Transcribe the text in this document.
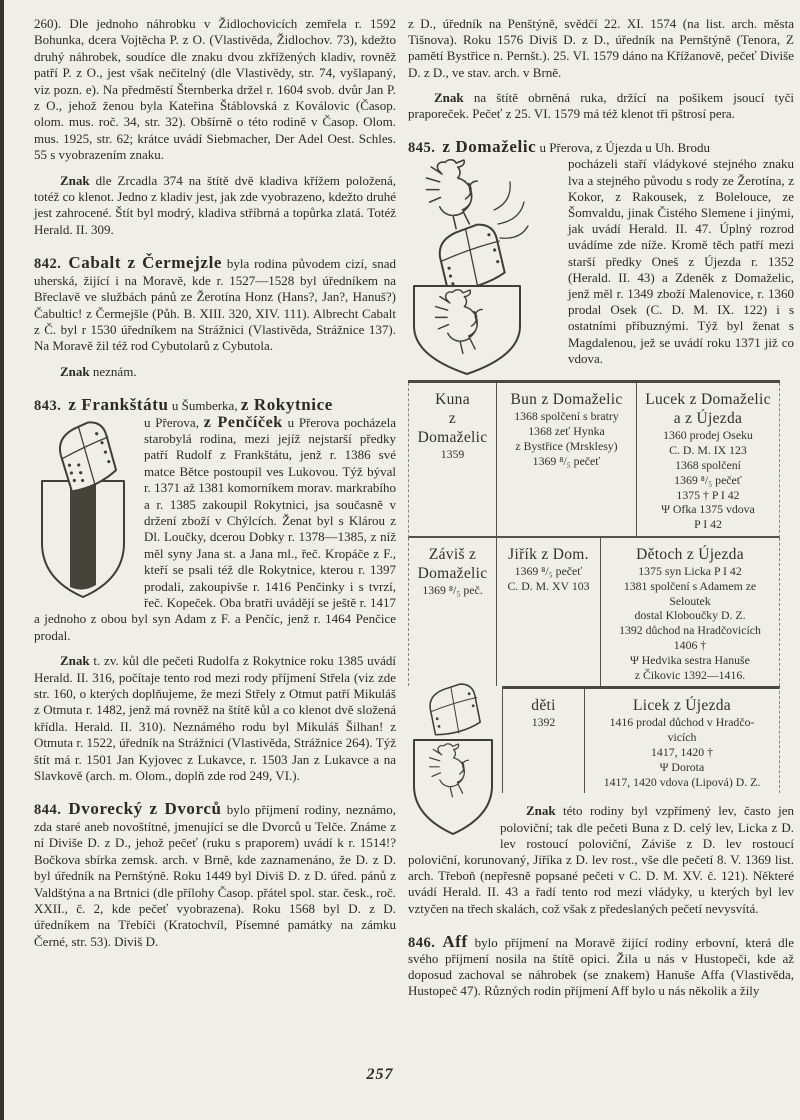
260). Dle jednoho náhrobku v Židlochovicích zemřela r. 1592 Bohunka, dcera Vojtěcha P. z O. (Vlastivěda, Židlochov. 73), kdežto druhý náhrobek, soudíce dle znaku dvou zkřížených kladiv, rovněž patří P. z O., jest však nečitelný (dle Vlastivědy, str. 74, vyšlapaný, viz pozn. e). Na předměstí Šternberka držel r. 1604 svob. dvůr Jan P. z O., jehož ženou byla Kateřina Štáblovská z Koválovic (Časop. olom. mus. roč. 34, str. 32). Obšírně o této rodině v Časop. Olom. mus. 1925, str. 62; krátce uvádí Siebmacher, Der Adel Oest. Schles. 55 s vyobrazením znaku.

Znak dle Zrcadla 374 na štítě dvě kladiva křížem položená, totéž co klenot. Jedno z kladiv jest, jak zde vyobrazeno, kdežto druhé jest zahrocené. Štít byl modrý, kladiva stříbrná a topůrka zlatá. Totéž Herald. II. 309.

842. Cabalt z Čermejzle byla rodina původem cizí, snad uherská, žijící i na Moravě, kde r. 1527—1528 byl úředníkem na Břeclavě ve službách pánů ze Žerotína Honz (Hans?, Jan?, Hanuš?) Čabultic! z Čermejšle (Půh. B. XIII. 320, XIV. 111). Albrecht Cabalt z Č. byl r 1530 úředníkem na Strážnici (Vlastivěda, Strážnice 137). Na Moravě žil též rod Cybutolarů z Cybutola.

Znak neznám.

843. z Frankštátu u Šumberka, z Rokytnice

u Přerova, z Penčíček u Přerova pocházela starobylá rodina, mezi jejíž nejstarší předky patří Rudolf z Frankštátu, jenž r. 1386 své matce Bětce postoupil ves Lukovou. Týž býval r. 1371 až 1381 komorníkem morav. markrabího a r. 1385 zakoupil Rokytnici, jsa současně v držení zboží v Chýlcích. Ženat byl s Klárou z Dl. Loučky, dcerou Dobky r. 1378—1385, z níž měl syny Jana st. a Jana ml., řeč. Kropáče z F., kteří se psali též dle Rokytnice, kterou r. 1397 prodali, zakoupivše r. 1416 Penčinky i s tvrzí, řeč. Kopeček. Oba bratři uvádějí se ještě r. 1417 a jednoho z obou byl syn Adam z F. a Penčíc, jenž r. 1464 Penčice prodal.

Znak t. zv. kůl dle pečeti Rudolfa z Rokytnice roku 1385 uvádí Herald. II. 316, počítaje tento rod mezi rody příjmení Střela (viz zde str. 160, o kterých doplňujeme, že mezi Střely z Otmut patří Mikuláš z Otmuta r. 1482, jenž má rovněž na štítě kůl a co klenot dvě složená křídla. Herald. II. 310). Neznámého rodu byl Mikuláš Šilhan! z Otmuta r. 1522, úředník na Strážnici (Vlastivěda, Strážnice 264). Týž štít má r. 1501 Jan Kyjovec z Lukavce, r. 1503 Jan z Lukavce a na Slavkově (arch. m. Olom., doplň zde rod 249, VI.).

844. Dvorecký z Dvorců bylo příjmení rodiny, neznámo, zda staré aneb novoštítné, jmenující se dle Dvorců u Telče. Známe z ní Diviše D. z D., jehož pečeť (ruku s praporem) uvádí k r. 1514!? Bočkova sbírka zemsk. arch. v Brně, kde zaznamenáno, že D. z D. byl úředník na Pernštýně. Roku 1449 byl Diviš D. z D. úřed. pánů z Valdštýna a na Brtnici (dle přílohy Časop. přátel spol. star. česk., roč. XXII., č. 2, kde pečeť vyobrazena). Roku 1568 byl D. z D. úředníkem na Třebíči (Kratochvíl, Písemné památky na zámku Černé, str. 53). Diviš D.

z D., úředník na Penštýně, svědčí 22. XI. 1574 (na list. arch. města Tišnova). Roku 1576 Diviš D. z D., úředník na Pernštýně (Tenora, Z pamětí Bystřice n. Pernšt.). 25. VI. 1579 dáno na Křížanově, pečeť Diviše D. z D., ve stav. arch. v Brně.

Znak na štítě obrněná ruka, držící na pošikem jsoucí tyči praporeček. Pečeť z 25. VI. 1579 má též klenot tři pštrosí pera.

845. z Domaželic u Přerova, z Újezda u Uh. Brodu

pocházeli staří vládykové stejného znaku lva a stejného původu s rody ze Žerotína, z Kokor, z Rakousek, z Bolelouce, ze Šomvaldu, jinak Čistého Slemene i jinými, jak uvádí Herald. II. 47. Úplný rozrod uvádíme zde níže. Kromě těch patří mezi starší předky Oneš z Újezda r. 1352 (Herald. II. 43) a Zdeněk z Domaželic, jenž měl r. 1349 zboží Malenovice, r. 1360 prodal Osek (C. D. M. IX. 122) i s ostatními příbuznými. Týž byl ženat s Magdalenou, jež se uvádí roku 1371 již co vdova.

Kuna
z
Domaželic
1359
Bun z Domaželic
1368 spolčení s bratry
1368 zeť Hynka
z Bystřice (Mrsklesy)
1369 ⁸/₅ pečeť
Lucek z Domaželic
a z Újezda
1360 prodej Oseku
C. D. M. IX 123
1368 spolčení
1369 ⁸/₅ pečeť
1375 † P I 42
Ψ Ofka 1375 vdova
P I 42
Záviš z
Domaželic
1369 ⁸/₅ peč.
Jiřík z Dom.
1369 ⁸/₅ pečeť
C. D. M. XV 103
Dětoch z Újezda
1375 syn Licka P I 42
1381 spolčení s Adamem ze
Seloutek
dostal Kloboučky D. Z.
1392 důchod na Hradčovicích
1406 †
Ψ Hedvika sestra Hanuše
z Čikovic 1392—1416.
děti
1392
Licek z Újezda
1416 prodal důchod v Hradčo-
vicích
1417, 1420 †
Ψ Dorota
1417, 1420 vdova (Lipová) D. Z.

Znak této rodiny byl vzpřímený lev, často jen poloviční; tak dle pečeti Buna z D. celý lev, Licka z D. lev rostoucí poloviční, Záviše z D. lev rostoucí poloviční, korunovaný, Jiříka z D. lev rost., vše dle pečetí 8. V. 1369 list. arch. Třeboň (nepřesně popsané pečeti v C. D. M. XV. č. 121). Některé uvádí Herald. II. 43 a řadí tento rod mezi vládyky, u kterých byl lev vztyčen na třech skalách, což však z předeslaných pečetí nevysvítá.

846. Aff bylo příjmení na Moravě žijící rodiny erbovní, která dle svého příjmení nosila na štítě opici. Žila u nás v Hustopeči, kde až doposud zachoval se náhrobek (se znakem) Hanuše Affa (Vlastivěda, Hustopeč 47). Různých rodin příjmení Aff bylo u nás několik a žily

257
